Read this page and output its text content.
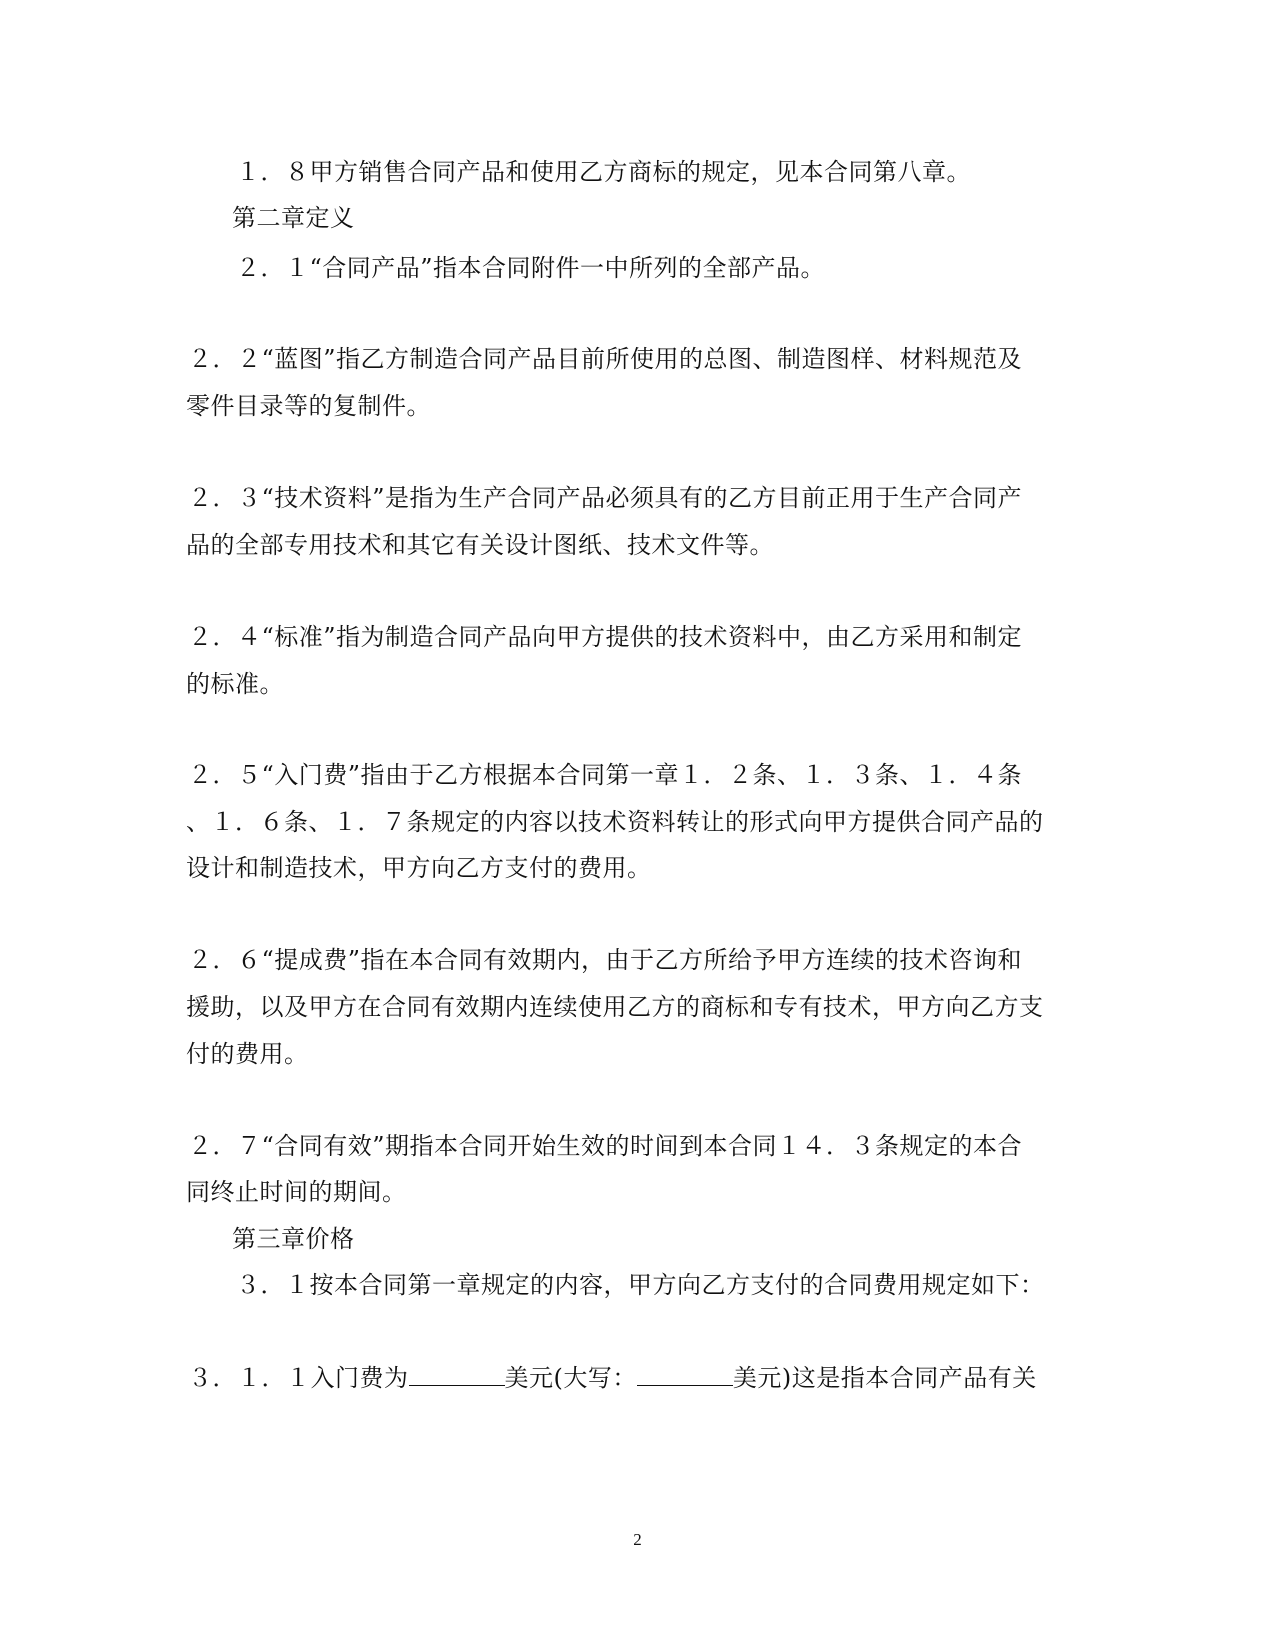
１．８甲方销售合同产品和使用乙方商标的规定，见本合同第八章。
第二章定义
２．１“合同产品”指本合同附件一中所列的全部产品。
２．２“蓝图”指乙方制造合同产品目前所使用的总图、制造图样、材料规范及
零件目录等的复制件。
２．３“技术资料”是指为生产合同产品必须具有的乙方目前正用于生产合同产
品的全部专用技术和其它有关设计图纸、技术文件等。
２．４“标准”指为制造合同产品向甲方提供的技术资料中，由乙方采用和制定
的标准。
２．５“入门费”指由于乙方根据本合同第一章１．２条、１．３条、１．４条
、１．６条、１．７条规定的内容以技术资料转让的形式向甲方提供合同产品的
设计和制造技术，甲方向乙方支付的费用。
２．６“提成费”指在本合同有效期内，由于乙方所给予甲方连续的技术咨询和
援助，以及甲方在合同有效期内连续使用乙方的商标和专有技术，甲方向乙方支
付的费用。
２．７“合同有效”期指本合同开始生效的时间到本合同１４．３条规定的本合
同终止时间的期间。
第三章价格
３．１按本合同第一章规定的内容，甲方向乙方支付的合同费用规定如下：
３．１．１入门费为	美元(大写：	美元)这是指本合同产品有关
2
